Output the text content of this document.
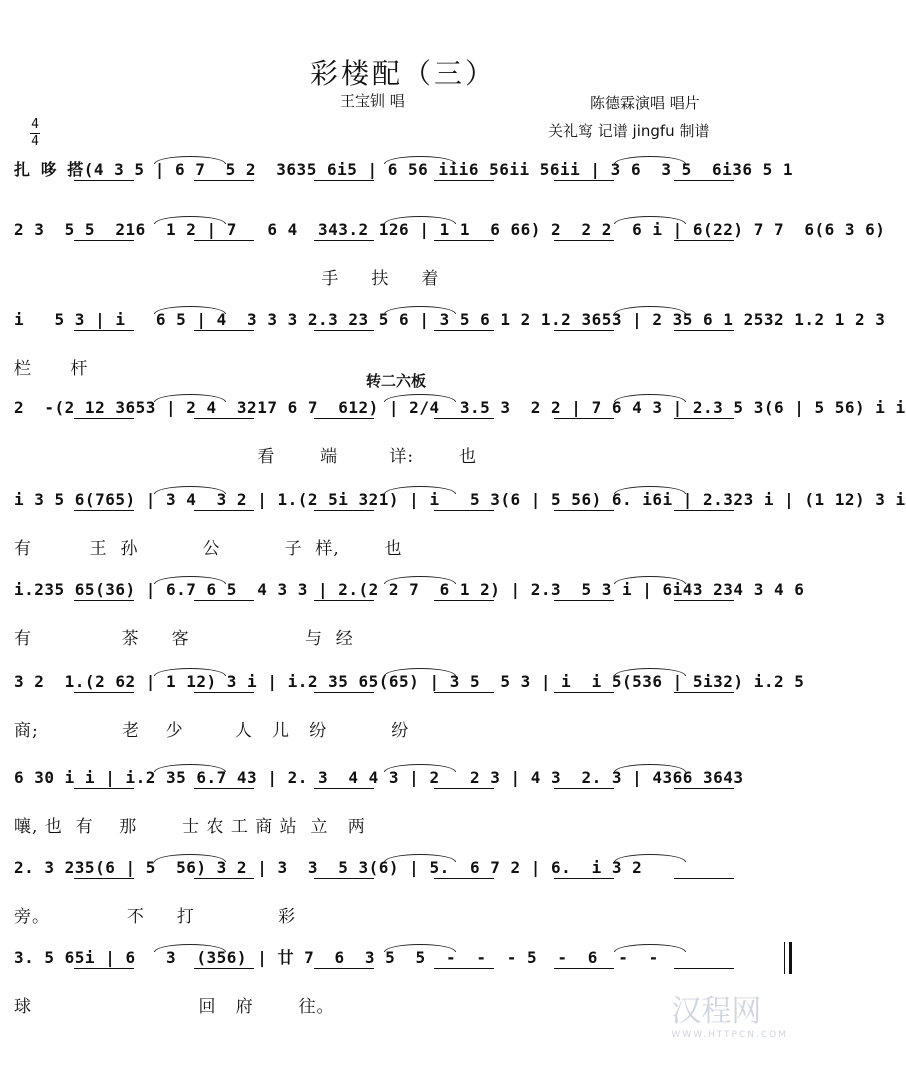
彩楼配（三）
王宝钏 唱	陈德霖演唱 唱片
关礼窎 记谱 jingfu 制谱
4
4
转二六板
扎 哆 搭(4 3 5 | 6 7  5 2  3635 6i5 | 6 56 iii6 56ii 56ii | 3 6  3 5  6i36 5 1
2 3  5 5  216  1 2 | 7   6 4  343.2 126 | 1 1  6 66) 2  2 2  6 i | 6(22) 7 7  6(6 3 6)
手     扶     着
i   5 3 | i   6 5 | 4  3 3 3 2.3 23 5 6 | 3 5 6 1 2 1.2 3653 | 2 35 6 1 2532 1.2 1 2 3
栏      杆
2  -(2 12 3653 | 2 4  3217 6 7  612) | 2/4  3.5 3  2 2 | 7 6 4 3 | 2.3 5 3(6 | 5 56) i i
看       端        详:       也
i 3 5 6(765) | 3 4  3 2 | 1.(2 5i 321) | i   5 3(6 | 5 56) 6. i6i | 2.323 i | (1 12) 3 i
有         王  孙          公          子  样,       也
i.235 65(36) | 6.7 6 5  4 3 3 | 2.(2 2 7  6 1 2) | 2.3  5 3 i | 6i43 234 3 4 6
有              茶     客                  与  经
3 2  1.(2 62 | 1 12) 3 i | i.2 35 65(65) | 3 5  5 3 | i  i 5(536 | 5i32) i.2 5
商;             老    少        人   儿   纷          纷
6 30 i i | i.2 35 6.7 43 | 2. 3  4 4 3 | 2   2 3 | 4 3  2. 3 | 4366 3643
嚷, 也  有    那       士 农 工 商 站  立   两
2. 3 235(6 | 5  56) 3 2 | 3  3  5 3(6) | 5.  6 7 2 | 6.  i 3 2
旁。            不     打             彩
3. 5 65i | 6   3  (356) | 廿 7  6  3 5  5  -  -  - 5  -  6  -  -
球                          回   府       往。	汉程网
WWW.HTTPCN.COM
